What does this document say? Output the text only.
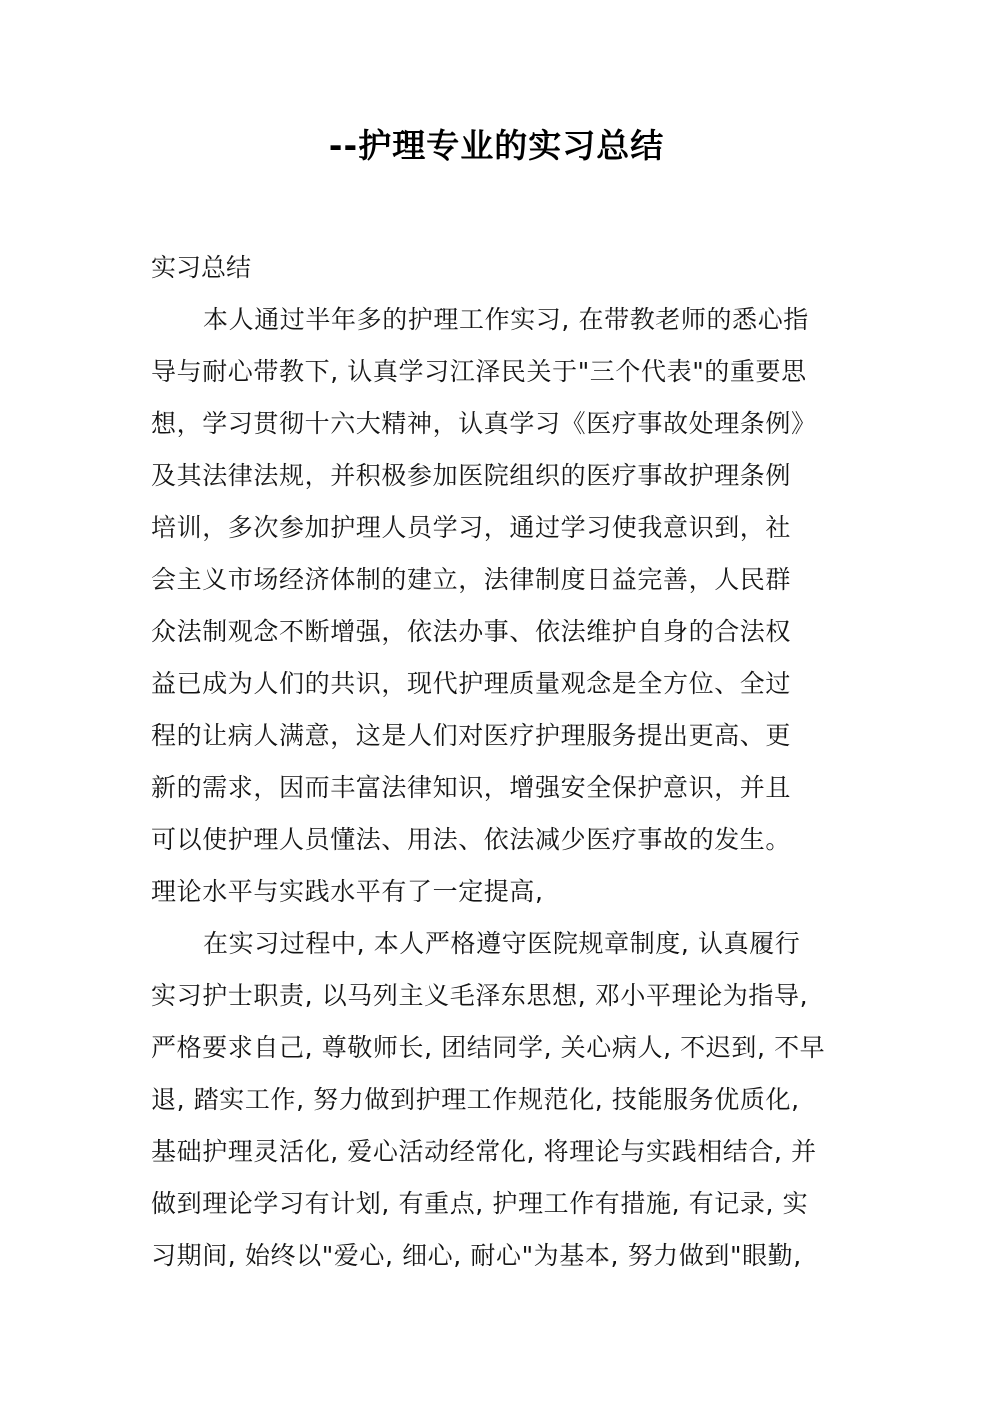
--护理专业的实习总结
实习总结
本人通过半年多的护理工作实习, 在带教老师的悉心指
导与耐心带教下, 认真学习江泽民关于"三个代表"的重要思
想，学习贯彻十六大精神，认真学习《医疗事故处理条例》
及其法律法规，并积极参加医院组织的医疗事故护理条例
培训，多次参加护理人员学习，通过学习使我意识到，社
会主义市场经济体制的建立，法律制度日益完善，人民群
众法制观念不断增强，依法办事、依法维护自身的合法权
益已成为人们的共识，现代护理质量观念是全方位、全过
程的让病人满意，这是人们对医疗护理服务提出更高、更
新的需求，因而丰富法律知识，增强安全保护意识，并且
可以使护理人员懂法、用法、依法减少医疗事故的发生。
理论水平与实践水平有了一定提高,
在实习过程中, 本人严格遵守医院规章制度, 认真履行
实习护士职责, 以马列主义毛泽东思想, 邓小平理论为指导,
严格要求自己, 尊敬师长, 团结同学, 关心病人, 不迟到, 不早
退, 踏实工作, 努力做到护理工作规范化, 技能服务优质化,
基础护理灵活化, 爱心活动经常化, 将理论与实践相结合, 并
做到理论学习有计划, 有重点, 护理工作有措施, 有记录, 实
习期间, 始终以"爱心, 细心, 耐心"为基本, 努力做到"眼勤,
